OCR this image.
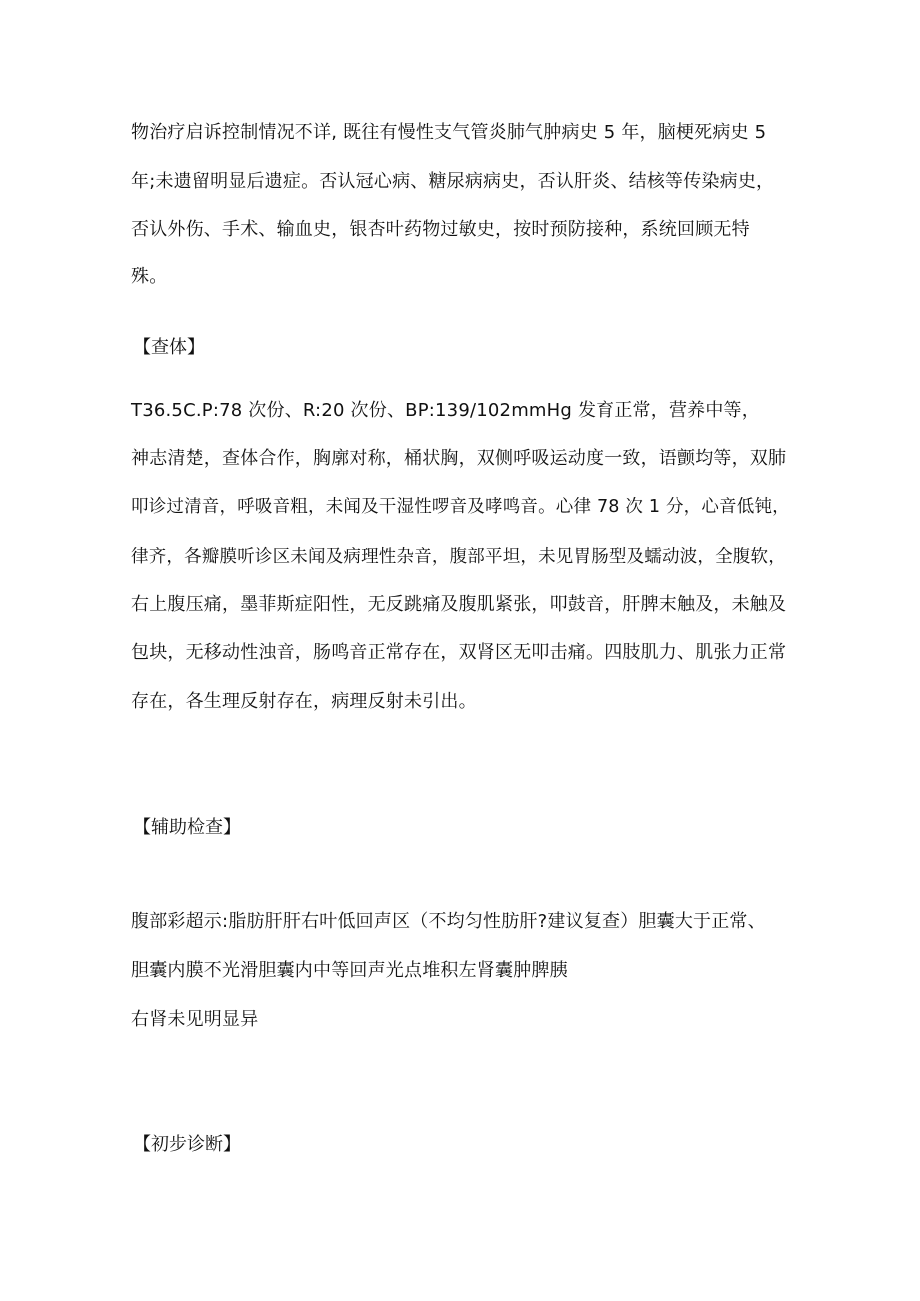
物治疗启诉控制情况不详, 既往有慢性支气管炎肺气肿病史 5 年，脑梗死病史 5
年;未遗留明显后遗症。否认冠心病、糖尿病病史，否认肝炎、结核等传染病史，
否认外伤、手术、输血史，银杏叶药物过敏史，按时预防接种，系统回顾无特
殊。
【查体】
T36.5C.P:78 次份、R:20 次份、BP:139/102mmHg 发育正常，营养中等，
神志清楚，查体合作，胸廓对称，桶状胸，双侧呼吸运动度一致，语颤均等，双肺
叩诊过清音，呼吸音粗，未闻及干湿性啰音及哮鸣音。心律 78 次 1 分，心音低钝，
律齐，各瓣膜听诊区未闻及病理性杂音，腹部平坦，未见胃肠型及蠕动波，全腹软，
右上腹压痛，墨菲斯症阳性，无反跳痛及腹肌紧张，叩鼓音，肝脾末触及，未触及
包块，无移动性浊音，肠鸣音正常存在，双肾区无叩击痛。四肢肌力、肌张力正常
存在，各生理反射存在，病理反射未引出。
【辅助检查】
腹部彩超示:脂肪肝肝右叶低回声区（不均匀性肪肝?建议复查）胆囊大于正常、
胆囊内膜不光滑胆囊内中等回声光点堆积左肾囊肿脾胰
右肾未见明显异
【初步诊断】
